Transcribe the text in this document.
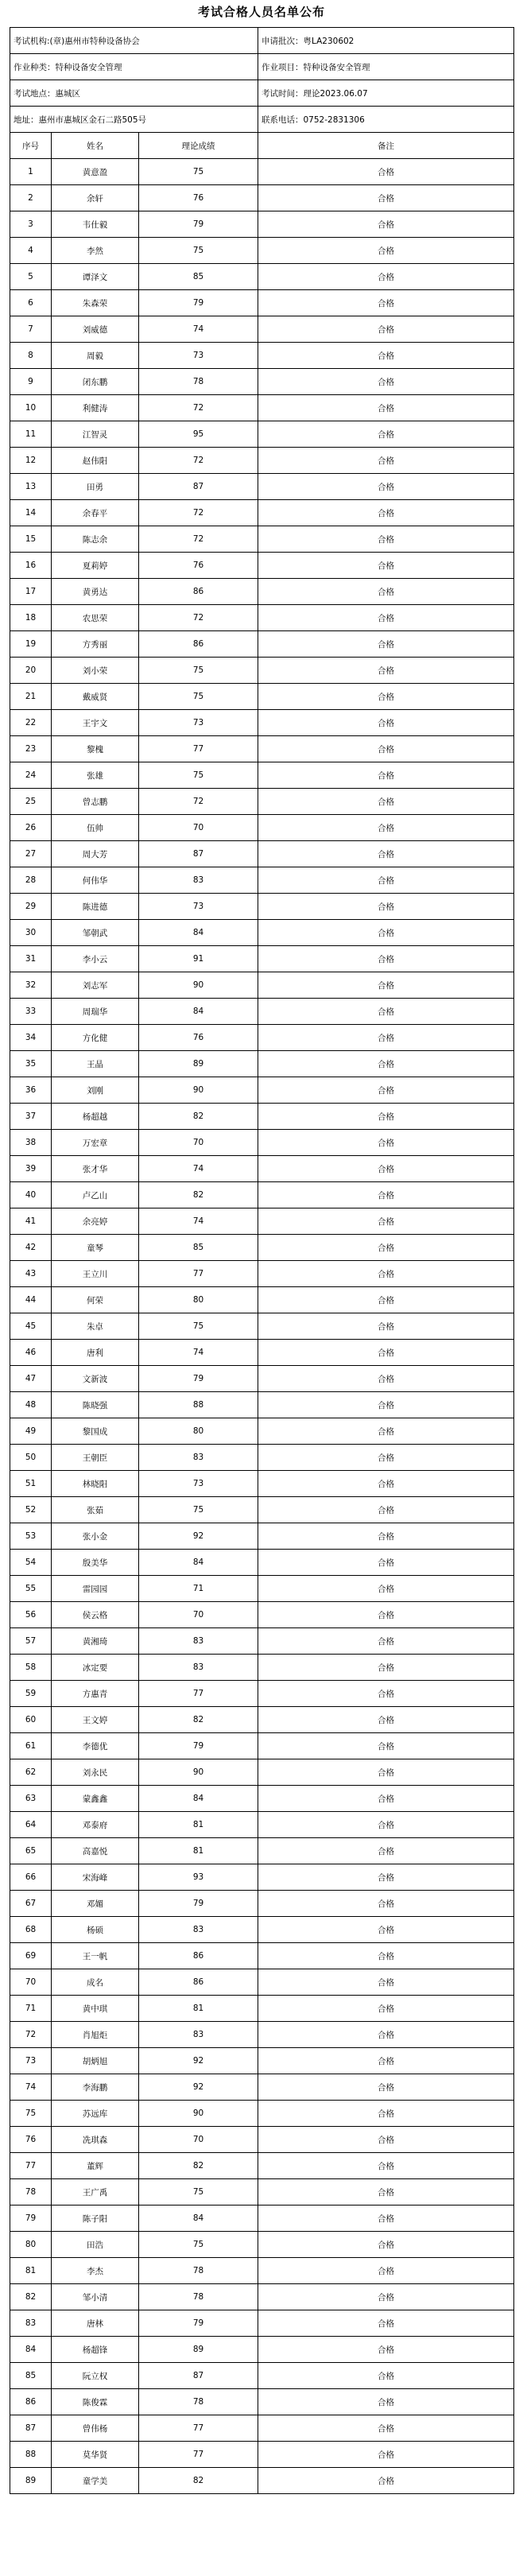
考试合格人员名单公布
考试机构:(章)惠州市特种设备协会			申请批次：粤LA230602
作业种类：特种设备安全管理			作业项目：特种设备安全管理
考试地点：惠城区			考试时间：理论2023.06.07
地址：惠州市惠城区金石二路505号			联系电话：0752-2831306
序号	姓名	理论成绩	备注
1	黄意盈	75	合格
2	余轩	76	合格
3	韦仕毅	79	合格
4	李然	75	合格
5	谭泽文	85	合格
6	朱森荣	79	合格
7	刘威德	74	合格
8	周毅	73	合格
9	闭东鹏	78	合格
10	利健涛	72	合格
11	江智灵	95	合格
12	赵伟阳	72	合格
13	田勇	87	合格
14	余春平	72	合格
15	陈志余	72	合格
16	夏莉婷	76	合格
17	黄勇达	86	合格
18	农思荣	72	合格
19	方秀丽	86	合格
20	刘小荣	75	合格
21	戴威贤	75	合格
22	王宇文	73	合格
23	黎槐	77	合格
24	张雄	75	合格
25	曾志鹏	72	合格
26	伍帅	70	合格
27	周大芳	87	合格
28	何伟华	83	合格
29	陈进德	73	合格
30	邹朝武	84	合格
31	李小云	91	合格
32	刘志军	90	合格
33	周瑞华	84	合格
34	方化健	76	合格
35	王晶	89	合格
36	刘刚	90	合格
37	杨超越	82	合格
38	万宏章	70	合格
39	张才华	74	合格
40	卢乙山	82	合格
41	余亮婷	74	合格
42	童琴	85	合格
43	王立川	77	合格
44	何荣	80	合格
45	朱卓	75	合格
46	唐利	74	合格
47	文新波	79	合格
48	陈晓强	88	合格
49	黎国成	80	合格
50	王朝臣	83	合格
51	林晓阳	73	合格
52	张茹	75	合格
53	张小金	92	合格
54	殷美华	84	合格
55	雷园园	71	合格
56	侯云格	70	合格
57	黄湘琦	83	合格
58	冰定要	83	合格
59	方惠青	77	合格
60	王文婷	82	合格
61	李德优	79	合格
62	刘永民	90	合格
63	蒙鑫鑫	84	合格
64	邓泰府	81	合格
65	高嘉悦	81	合格
66	宋海峰	93	合格
67	邓媚	79	合格
68	杨硕	83	合格
69	王一帆	86	合格
70	成名	86	合格
71	黄中琪	81	合格
72	肖旭炬	83	合格
73	胡炳旭	92	合格
74	李海鹏	92	合格
75	苏远库	90	合格
76	冼琪森	70	合格
77	董辉	82	合格
78	王广禹	75	合格
79	陈子阳	84	合格
80	田浩	75	合格
81	李杰	78	合格
82	邹小清	78	合格
83	唐林	79	合格
84	杨超锋	89	合格
85	阮立权	87	合格
86	陈俊霖	78	合格
87	曾伟杨	77	合格
88	莫华贤	77	合格
89	童学美	82	合格
